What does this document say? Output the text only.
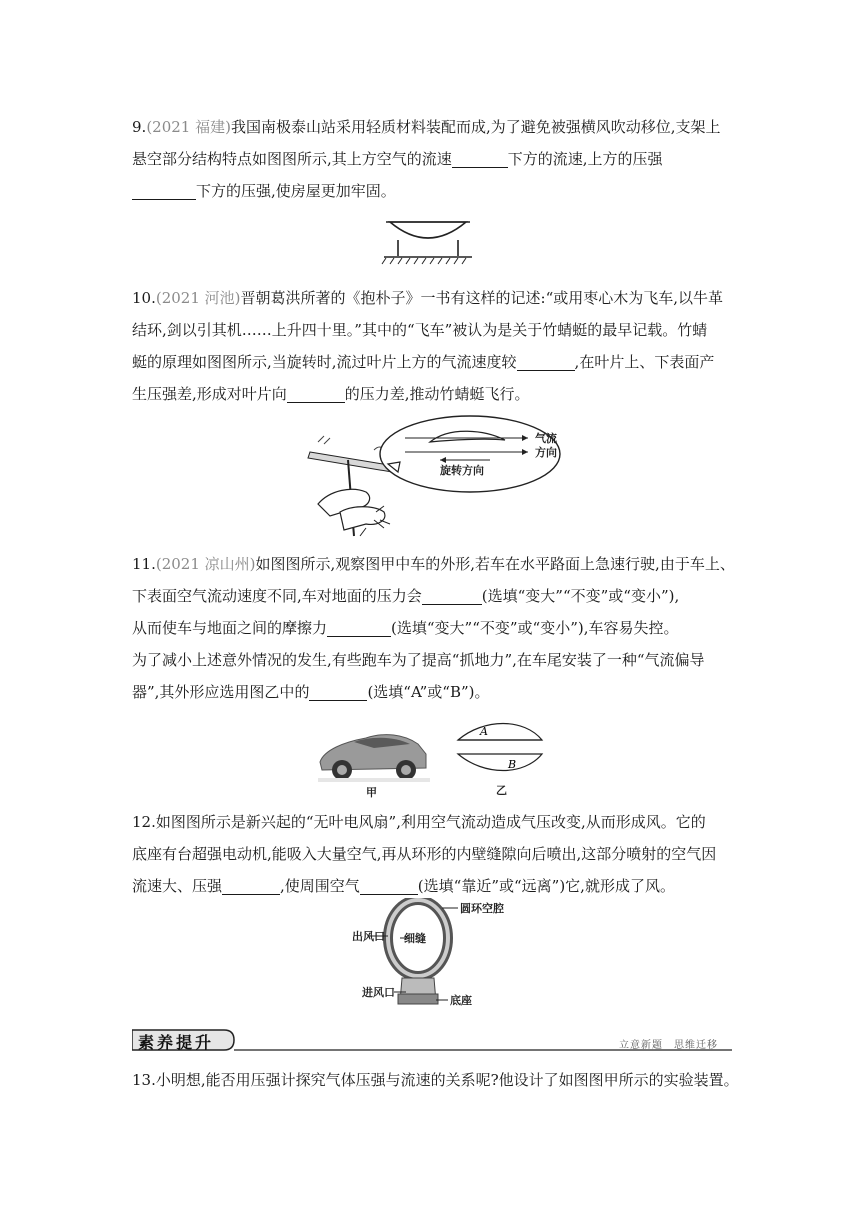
9.(2021 福建)我国南极泰山站采用轻质材料装配而成,为了避免被强横风吹动移位,支架上

悬空部分结构特点如图图所示,其上方空气的流速	下方的流速,上方的压强

下方的压强,使房屋更加牢固。

10.(2021 河池)晋朝葛洪所著的《抱朴子》一书有这样的记述:“或用枣心木为飞车,以牛革

结环,剑以引其机……上升四十里。”其中的“飞车”被认为是关于竹蜻蜓的最早记载。竹蜻

蜓的原理如图图所示,当旋转时,流过叶片上方的气流速度较	,在叶片上、下表面产

生压强差,形成对叶片向	的压力差,推动竹蜻蜓飞行。

气流
方向
旋转方向

11.(2021 凉山州)如图图所示,观察图甲中车的外形,若车在水平路面上急速行驶,由于车上、

下表面空气流动速度不同,车对地面的压力会	(选填“变大”“不变”或“变小”),

从而使车与地面之间的摩擦力	(选填“变大”“不变”或“变小”),车容易失控。

为了减小上述意外情况的发生,有些跑车为了提高“抓地力”,在车尾安装了一种“气流偏导

器”,其外形应选用图乙中的	(选填“A”或“B”)。

甲
A
B
乙

12.如图图所示是新兴起的“无叶电风扇”,利用空气流动造成气压改变,从而形成风。它的

底座有台超强电动机,能吸入大量空气,再从环形的内壁缝隙向后喷出,这部分喷射的空气因

流速大、压强	,使周围空气	(选填“靠近”或“远离”)它,就形成了风。

圆环空腔
出风口 细缝
进风口
底座
素养提升	立意新题　思维迁移

13.小明想,能否用压强计探究气体压强与流速的关系呢?他设计了如图图甲所示的实验装置。
